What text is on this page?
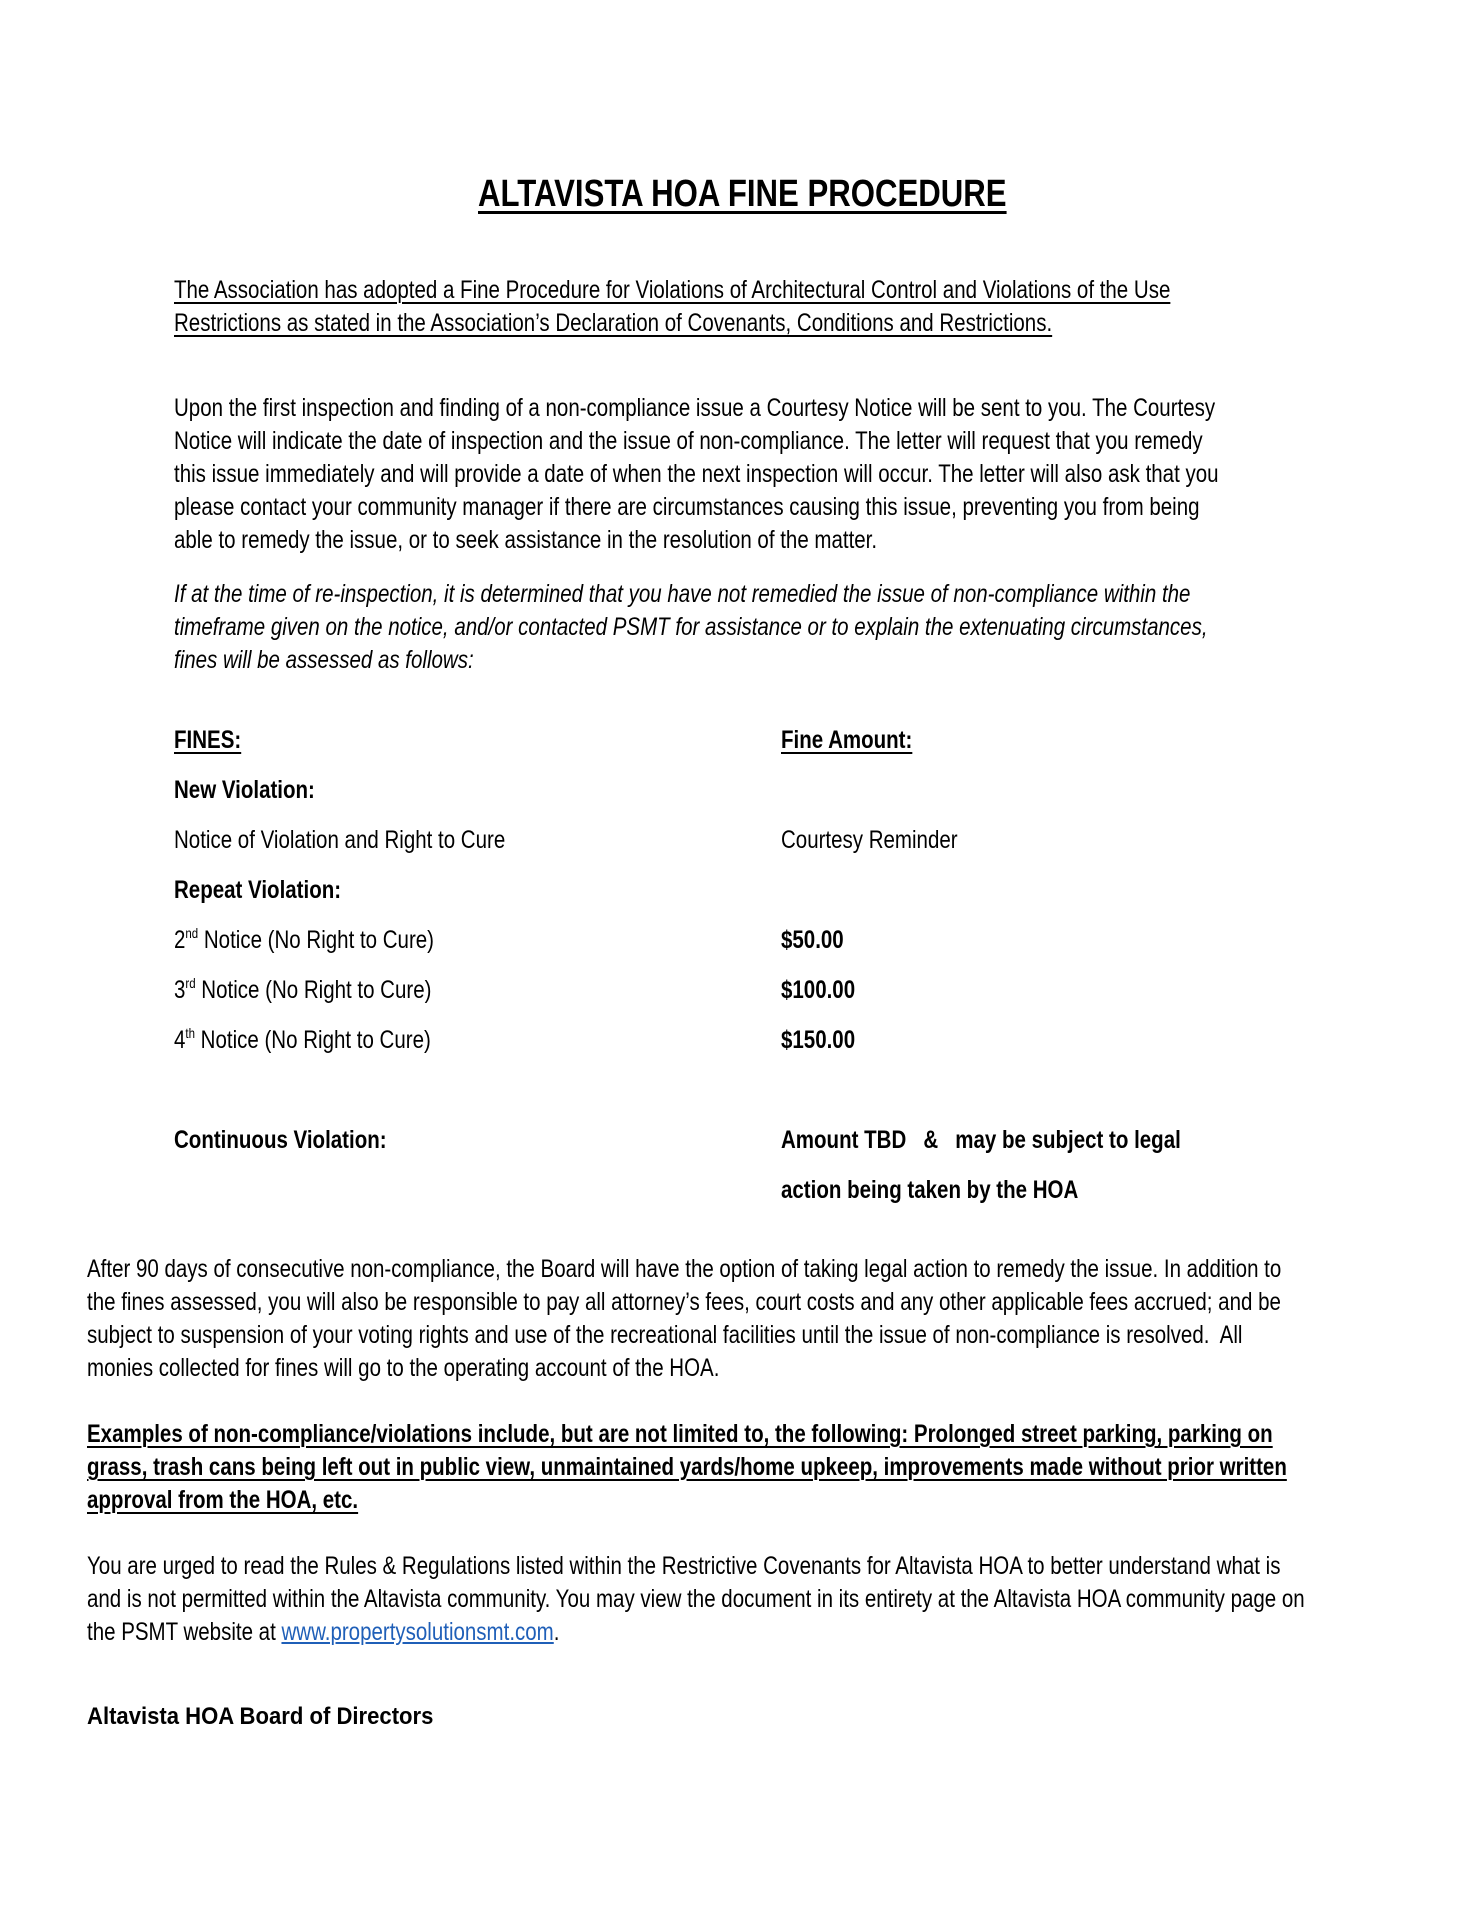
ALTAVISTA HOA FINE PROCEDURE
The Association has adopted a Fine Procedure for Violations of Architectural Control and Violations of the Use
Restrictions as stated in the Association’s Declaration of Covenants, Conditions and Restrictions.
Upon the first inspection and finding of a non-compliance issue a Courtesy Notice will be sent to you. The Courtesy
Notice will indicate the date of inspection and the issue of non-compliance. The letter will request that you remedy
this issue immediately and will provide a date of when the next inspection will occur. The letter will also ask that you
please contact your community manager if there are circumstances causing this issue, preventing you from being
able to remedy the issue, or to seek assistance in the resolution of the matter.
If at the time of re-inspection, it is determined that you have not remedied the issue of non-compliance within the
timeframe given on the notice, and/or contacted PSMT for assistance or to explain the extenuating circumstances,
fines will be assessed as follows:
FINES:	Fine Amount:
New Violation:
Notice of Violation and Right to Cure	Courtesy Reminder
Repeat Violation:
2nd Notice (No Right to Cure)	$50.00
3rd Notice (No Right to Cure)	$100.00
4th Notice (No Right to Cure)	$150.00
Continuous Violation:	Amount TBD   &   may be subject to legal
action being taken by the HOA
After 90 days of consecutive non-compliance, the Board will have the option of taking legal action to remedy the issue. In addition to
the fines assessed, you will also be responsible to pay all attorney’s fees, court costs and any other applicable fees accrued; and be
subject to suspension of your voting rights and use of the recreational facilities until the issue of non-compliance is resolved.  All
monies collected for fines will go to the operating account of the HOA.
Examples of non-compliance/violations include, but are not limited to, the following: Prolonged street parking, parking on
grass, trash cans being left out in public view, unmaintained yards/home upkeep, improvements made without prior written
approval from the HOA, etc.
You are urged to read the Rules & Regulations listed within the Restrictive Covenants for Altavista HOA to better understand what is
and is not permitted within the Altavista community. You may view the document in its entirety at the Altavista HOA community page on
the PSMT website at www.propertysolutionsmt.com.
Altavista HOA Board of Directors
